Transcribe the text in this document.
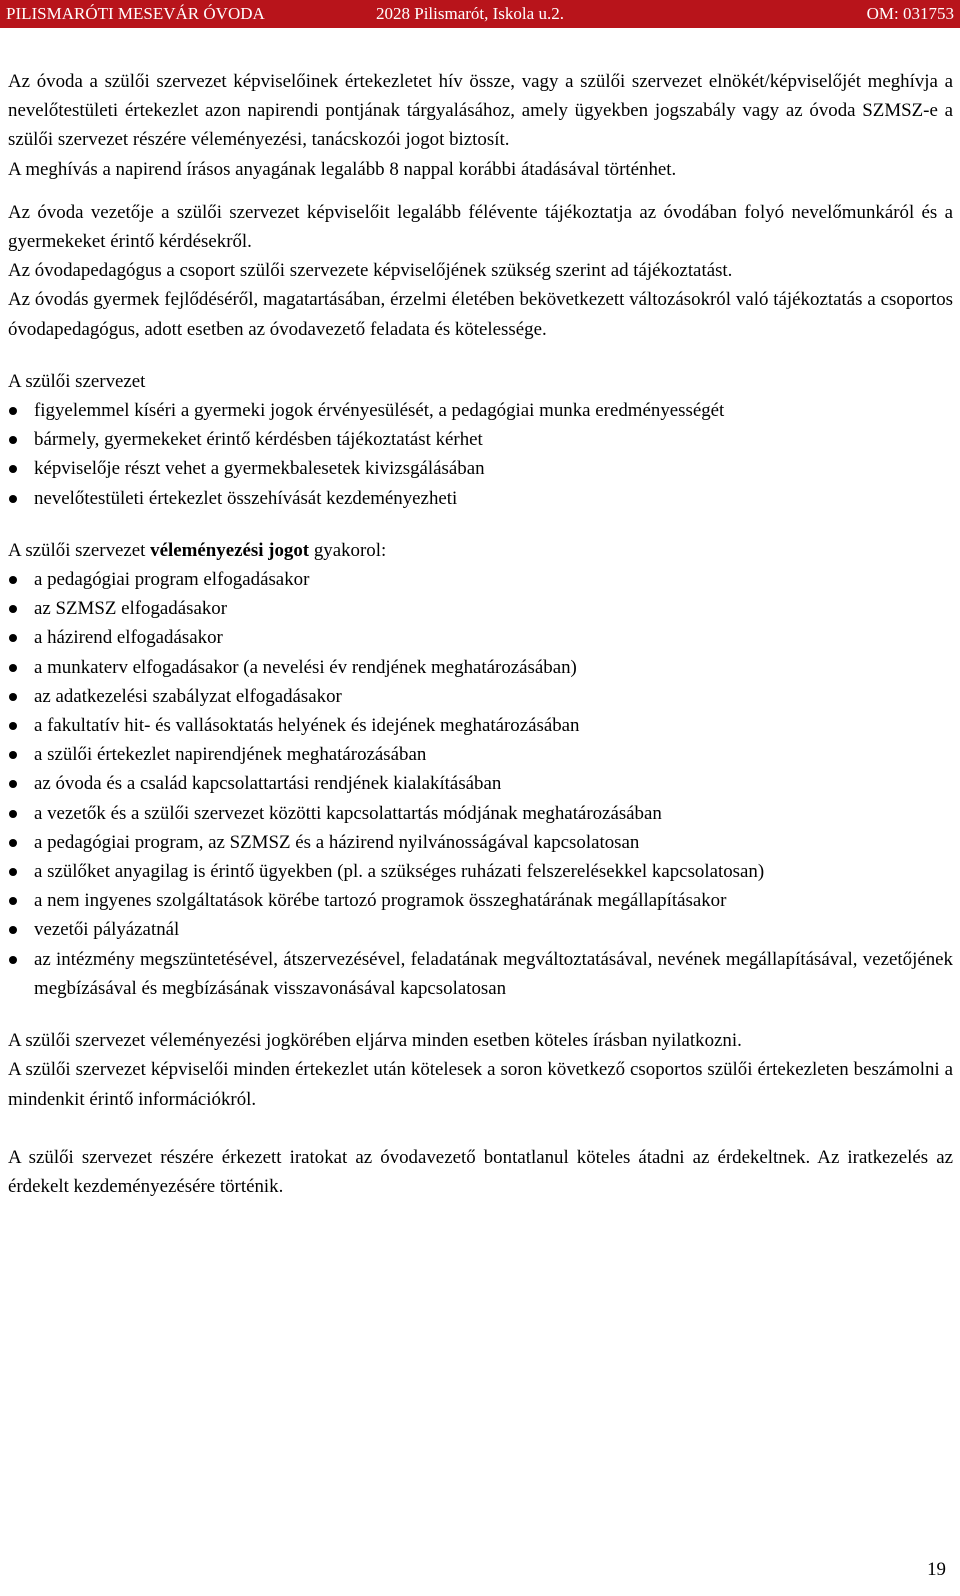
PILISMARÓTI MESEVÁR ÓVODA	2028 Pilismarót, Iskola u.2.	OM: 031753

Az óvoda a szülői szervezet képviselőinek értekezletet hív össze, vagy a szülői szervezet elnökét/képviselőjét meghívja a nevelőtestületi értekezlet azon napirendi pontjának tárgyalásához, amely ügyekben jogszabály vagy az óvoda SZMSZ-e a szülői szervezet részére véleményezési, tanácskozói jogot biztosít.

A meghívás a napirend írásos anyagának legalább 8 nappal korábbi átadásával történhet.

Az óvoda vezetője a szülői szervezet képviselőit legalább félévente tájékoztatja az óvodában folyó nevelőmunkáról és a gyermekeket érintő kérdésekről.

Az óvodapedagógus a csoport szülői szervezete képviselőjének szükség szerint ad tájékoztatást.

Az óvodás gyermek fejlődéséről, magatartásában, érzelmi életében bekövetkezett változásokról való tájékoztatás a csoportos óvodapedagógus, adott esetben az óvodavezető feladata és kötelessége.

A szülői szervezet

figyelemmel kíséri a gyermeki jogok érvényesülését, a pedagógiai munka eredményességét
bármely, gyermekeket érintő kérdésben tájékoztatást kérhet
képviselője részt vehet a gyermekbalesetek kivizsgálásában
nevelőtestületi értekezlet összehívását kezdeményezheti

A szülői szervezet véleményezési jogot gyakorol:

a pedagógiai program elfogadásakor
az SZMSZ elfogadásakor
a házirend elfogadásakor
a munkaterv elfogadásakor (a nevelési év rendjének meghatározásában)
az adatkezelési szabályzat elfogadásakor
a fakultatív hit- és vallásoktatás helyének és idejének meghatározásában
a szülői értekezlet napirendjének meghatározásában
az óvoda és a család kapcsolattartási rendjének kialakításában
a vezetők és a szülői szervezet közötti kapcsolattartás módjának meghatározásában
a pedagógiai program, az SZMSZ és a házirend nyilvánosságával kapcsolatosan
a szülőket anyagilag is érintő ügyekben (pl. a szükséges ruházati felszerelésekkel kapcsolatosan)
a nem ingyenes szolgáltatások körébe tartozó programok összeghatárának megállapításakor
vezetői pályázatnál
az intézmény megszüntetésével, átszervezésével, feladatának megváltoztatásával, nevének megállapításával, vezetőjének megbízásával és megbízásának visszavonásával kapcsolatosan

A szülői szervezet véleményezési jogkörében eljárva minden esetben köteles írásban nyilatkozni.

A szülői szervezet képviselői minden értekezlet után kötelesek a soron következő csoportos szülői értekezleten beszámolni a mindenkit érintő információkról.

A szülői szervezet részére érkezett iratokat az óvodavezető bontatlanul köteles átadni az érdekeltnek. Az iratkezelés az érdekelt kezdeményezésére történik.

19
